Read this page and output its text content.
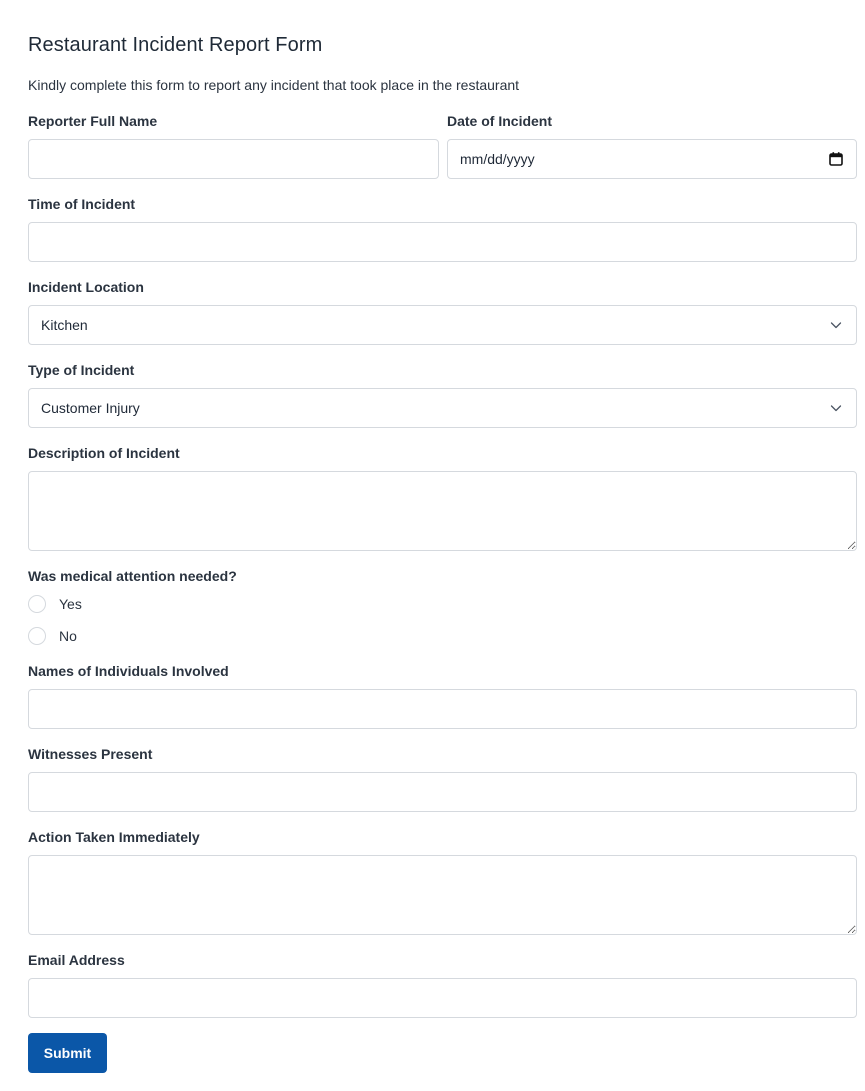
Restaurant Incident Report Form

Kindly complete this form to report any incident that took place in the restaurant

Reporter Full Name	Date of Incident
mm/dd/yyyy
Time of Incident
Incident Location
Kitchen
Type of Incident
Customer Injury
Description of Incident
Was medical attention needed?
Yes
No
Names of Individuals Involved
Witnesses Present
Action Taken Immediately
Email Address
Submit
